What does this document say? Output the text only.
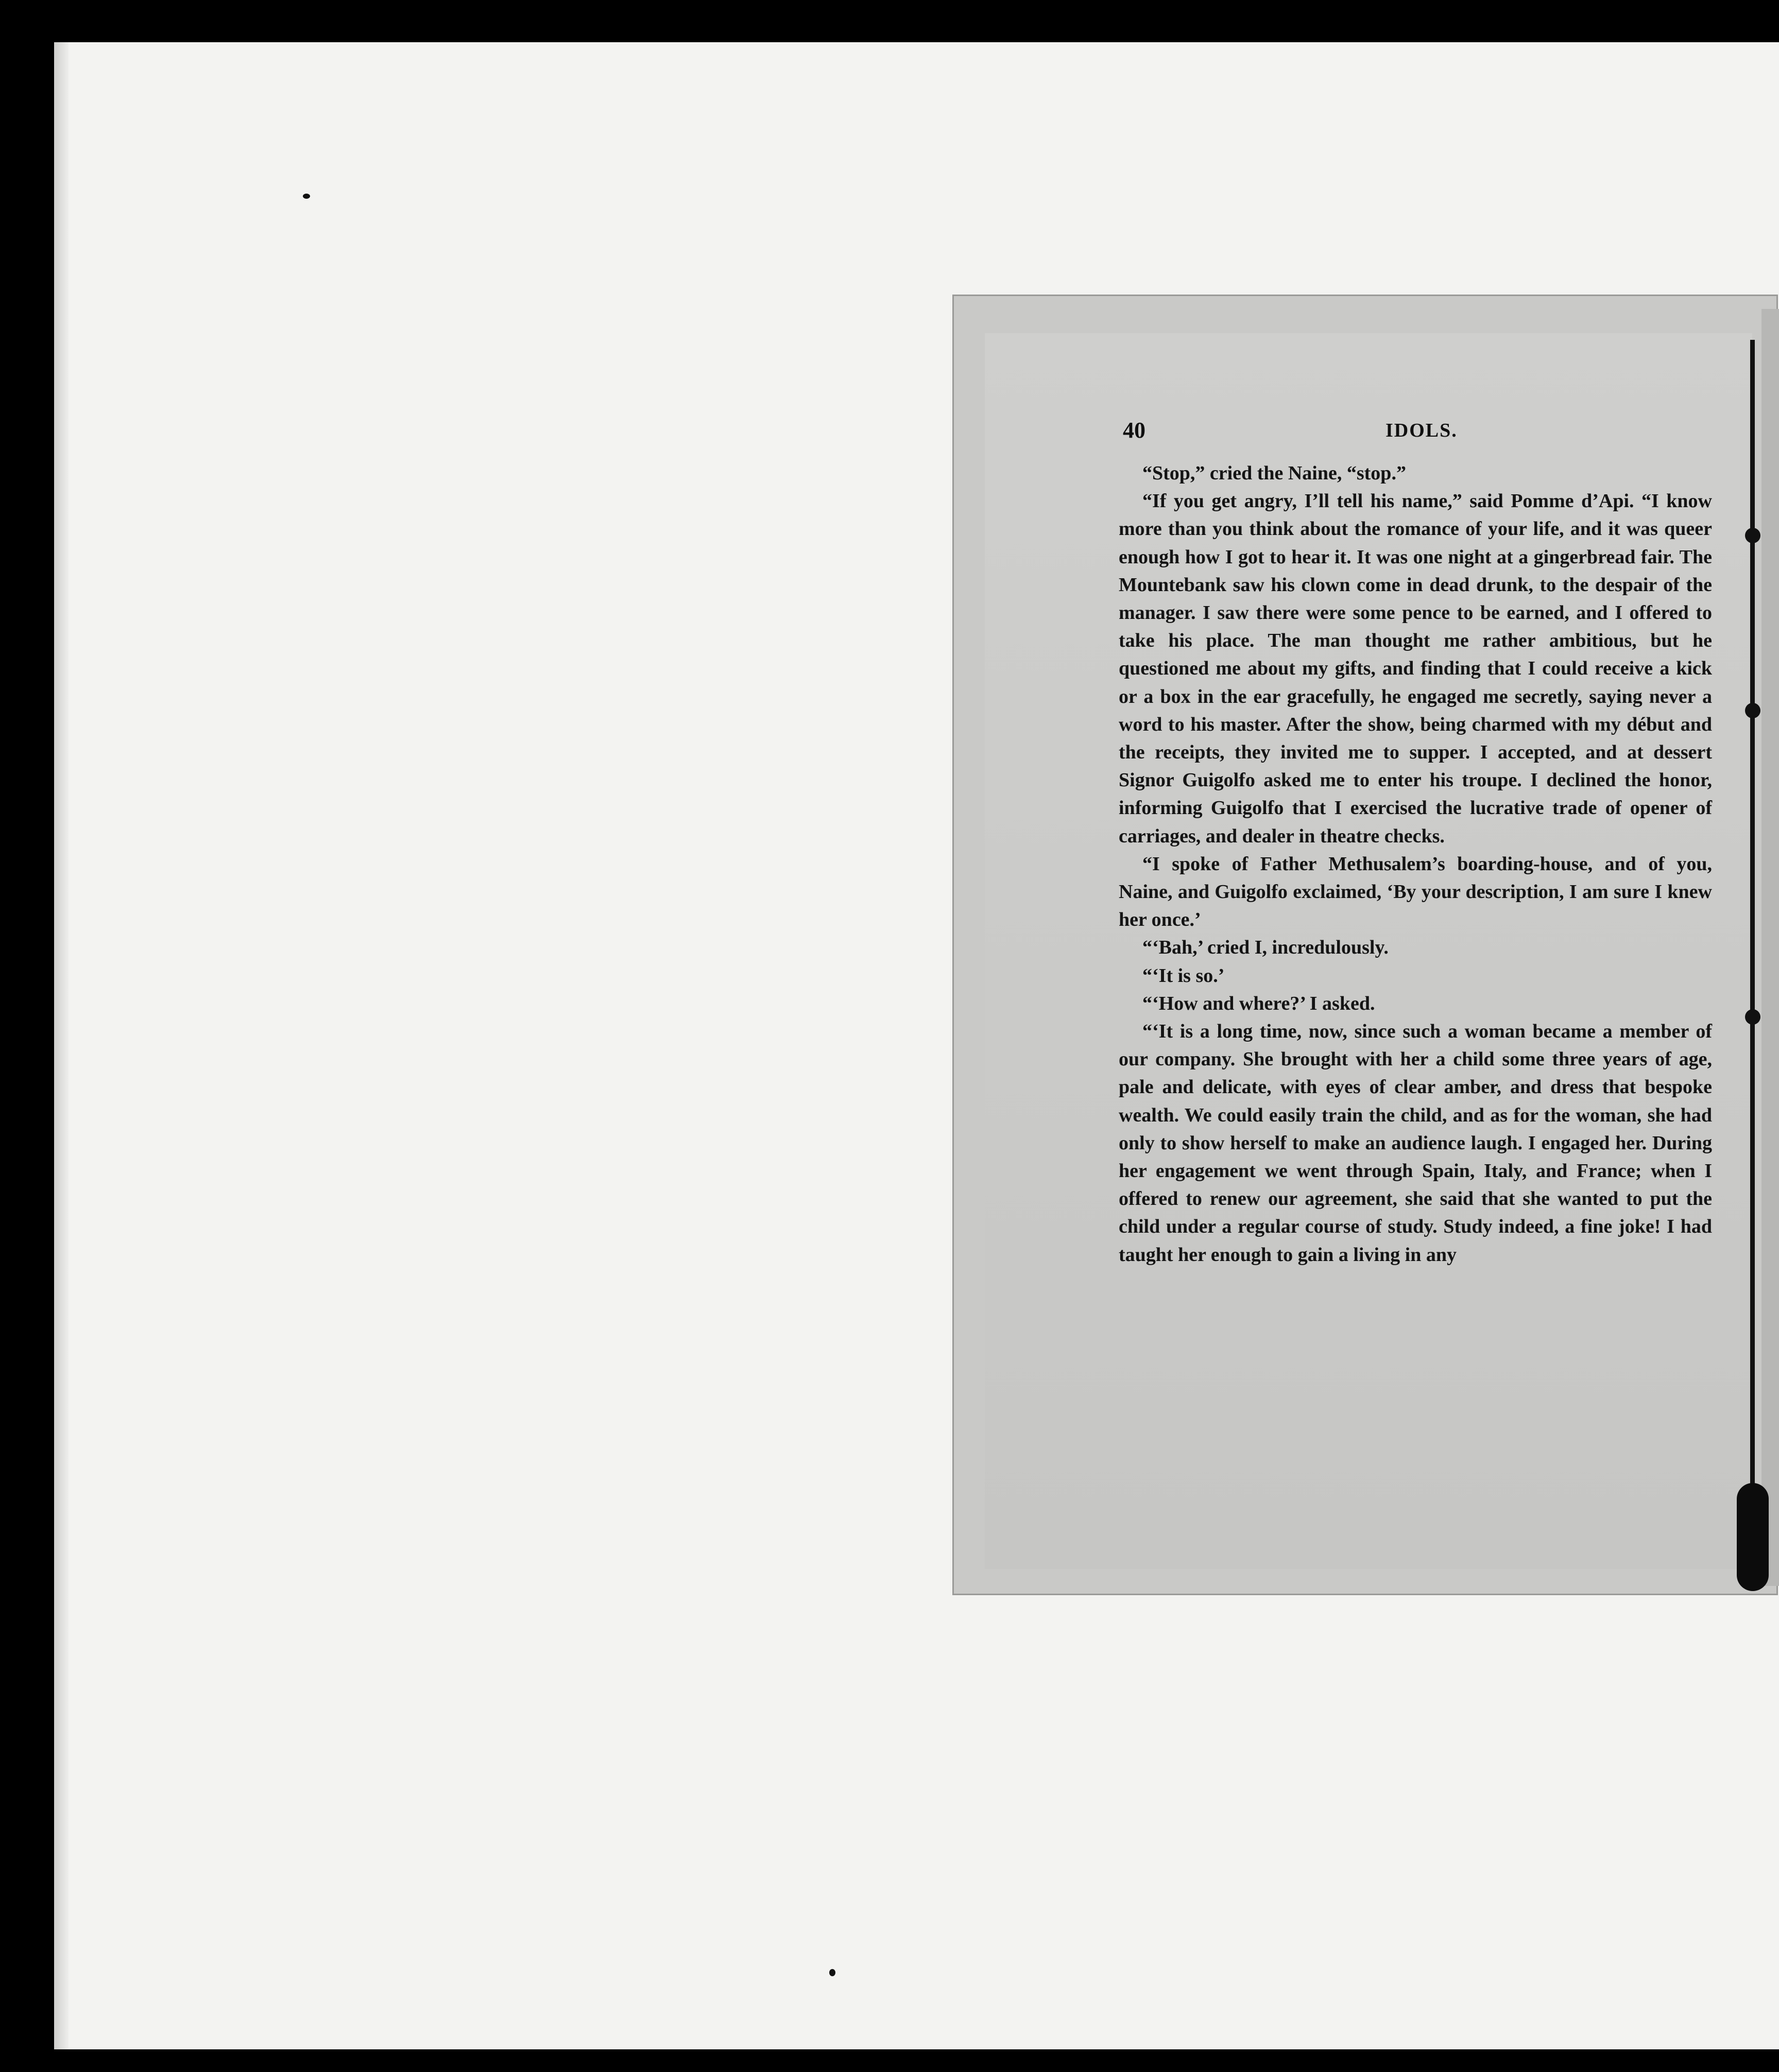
40	IDOLS.

“Stop,” cried the Naine, “stop.”

“If you get angry, I’ll tell his name,” said Pomme d’Api. “I know more than you think about the romance of your life, and it was queer enough how I got to hear it. It was one night at a gingerbread fair. The Mountebank saw his clown come in dead drunk, to the despair of the manager. I saw there were some pence to be earned, and I offered to take his place. The man thought me rather ambitious, but he questioned me about my gifts, and finding that I could receive a kick or a box in the ear gracefully, he engaged me secretly, saying never a word to his master. After the show, being charmed with my début and the receipts, they invited me to supper. I accepted, and at dessert Signor Guigolfo asked me to enter his troupe. I declined the honor, informing Guigolfo that I exercised the lucrative trade of opener of carriages, and dealer in theatre checks.

“I spoke of Father Methusalem’s boarding-house, and of you, Naine, and Guigolfo exclaimed, ‘By your description, I am sure I knew her once.’

“‘Bah,’ cried I, incredulously.

“‘It is so.’

“‘How and where?’ I asked.

“‘It is a long time, now, since such a woman became a member of our company. She brought with her a child some three years of age, pale and delicate, with eyes of clear amber, and dress that bespoke wealth. We could easily train the child, and as for the woman, she had only to show herself to make an audience laugh. I engaged her. During her engagement we went through Spain, Italy, and France; when I offered to renew our agreement, she said that she wanted to put the child under a regular course of study. Study indeed, a fine joke! I had taught her enough to gain a living in any
